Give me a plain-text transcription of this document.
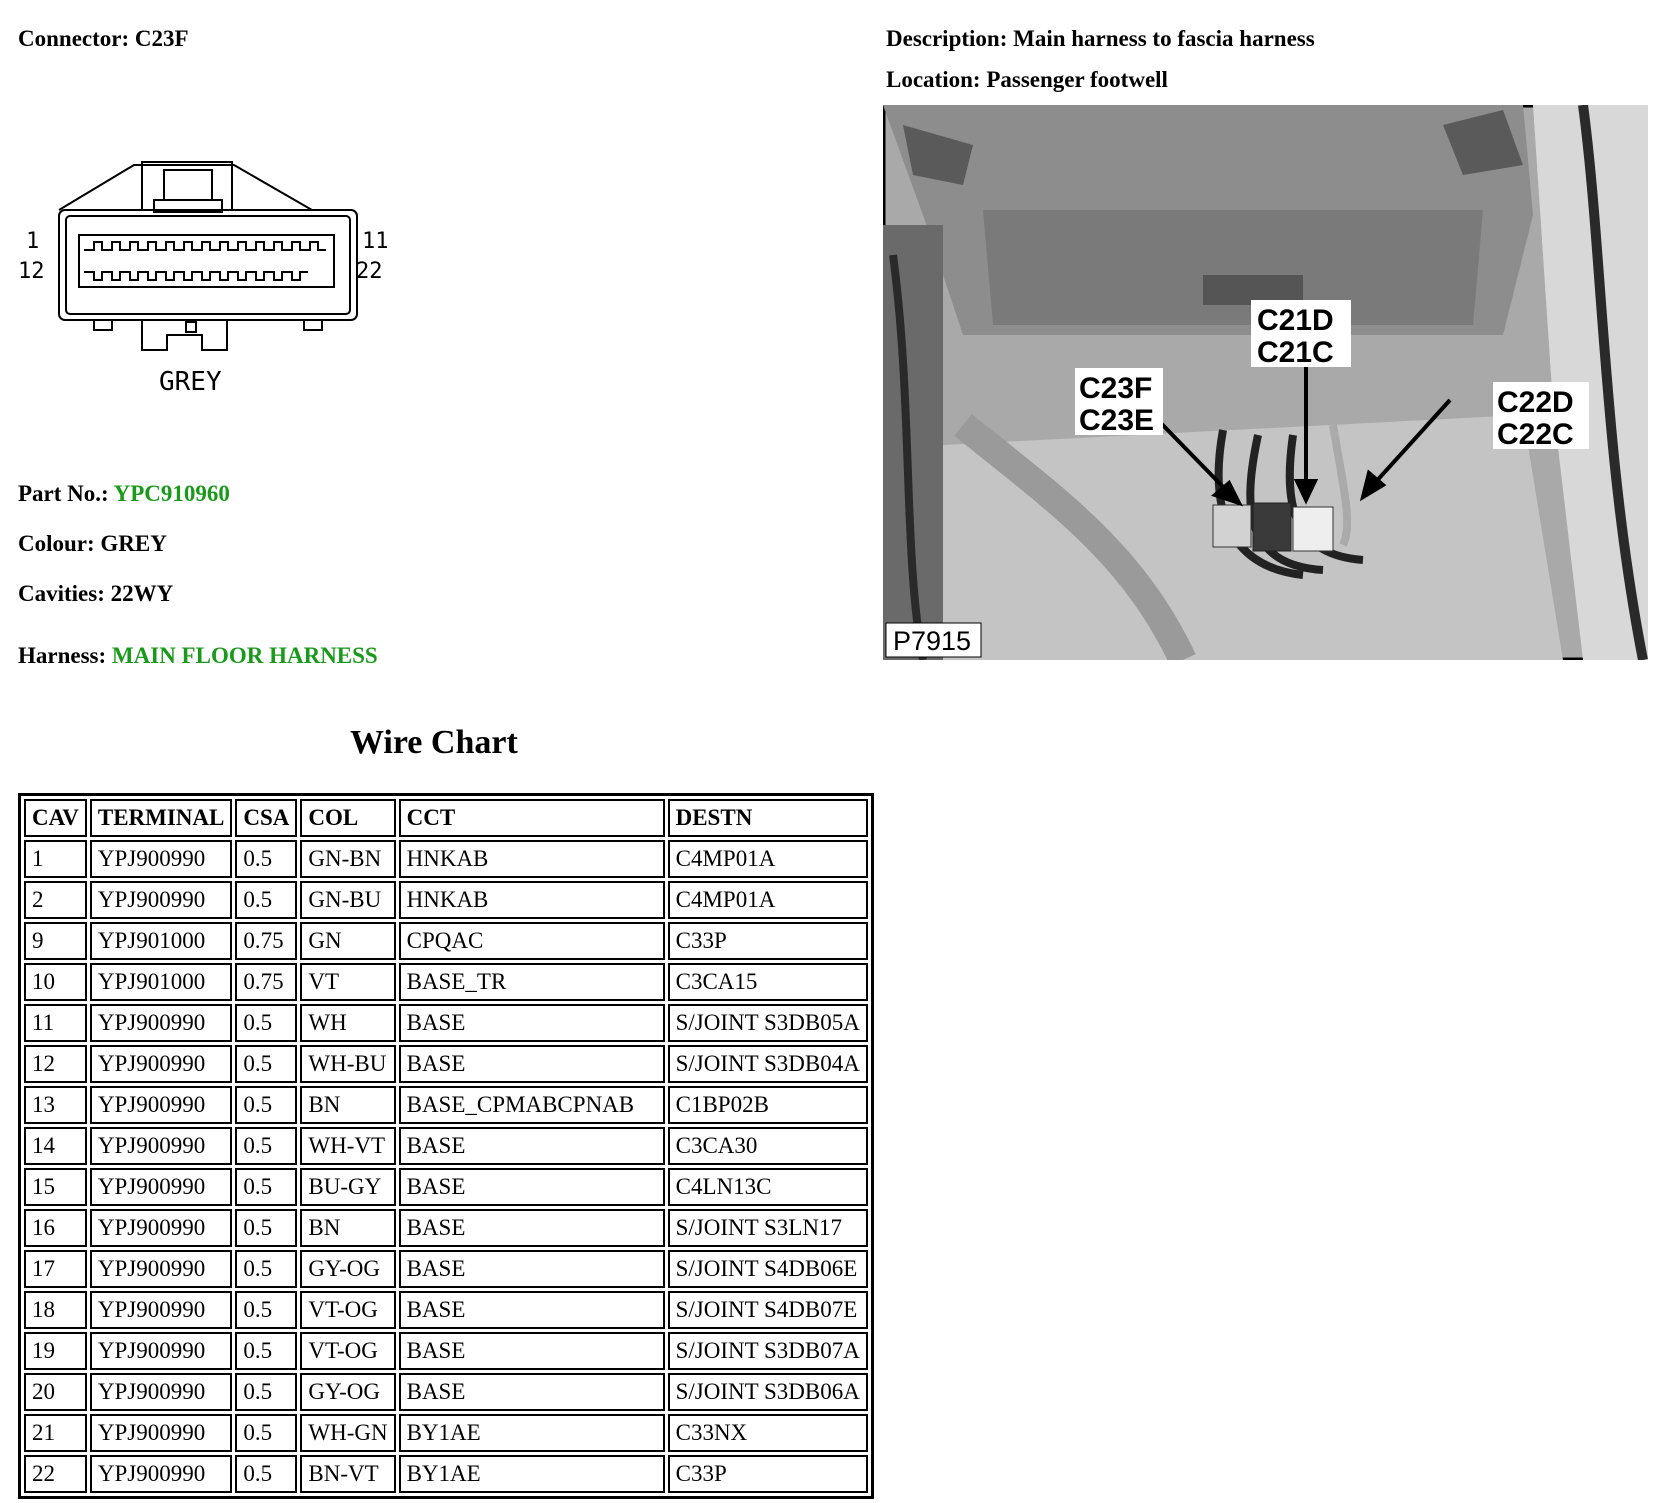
Connector: C23F	Description: Main harness to fascia harness
Location: Passenger footwell
1
12
11
22
GREY
C21D
C21C
C23F
C23E
C22D
C22C
P7915
Part No.: YPC910960
Colour: GREY
Cavities: 22WY
Harness: MAIN FLOOR HARNESS
Wire Chart
CAV	TERMINAL	CSA	COL	CCT	DESTN
1	YPJ900990	0.5	GN-BN	HNKAB	C4MP01A
2	YPJ900990	0.5	GN-BU	HNKAB	C4MP01A
9	YPJ901000	0.75	GN	CPQAC	C33P
10	YPJ901000	0.75	VT	BASE_TR	C3CA15
11	YPJ900990	0.5	WH	BASE	S/JOINT S3DB05A
12	YPJ900990	0.5	WH-BU	BASE	S/JOINT S3DB04A
13	YPJ900990	0.5	BN	BASE_CPMABCPNAB	C1BP02B
14	YPJ900990	0.5	WH-VT	BASE	C3CA30
15	YPJ900990	0.5	BU-GY	BASE	C4LN13C
16	YPJ900990	0.5	BN	BASE	S/JOINT S3LN17
17	YPJ900990	0.5	GY-OG	BASE	S/JOINT S4DB06E
18	YPJ900990	0.5	VT-OG	BASE	S/JOINT S4DB07E
19	YPJ900990	0.5	VT-OG	BASE	S/JOINT S3DB07A
20	YPJ900990	0.5	GY-OG	BASE	S/JOINT S3DB06A
21	YPJ900990	0.5	WH-GN	BY1AE	C33NX
22	YPJ900990	0.5	BN-VT	BY1AE	C33P
